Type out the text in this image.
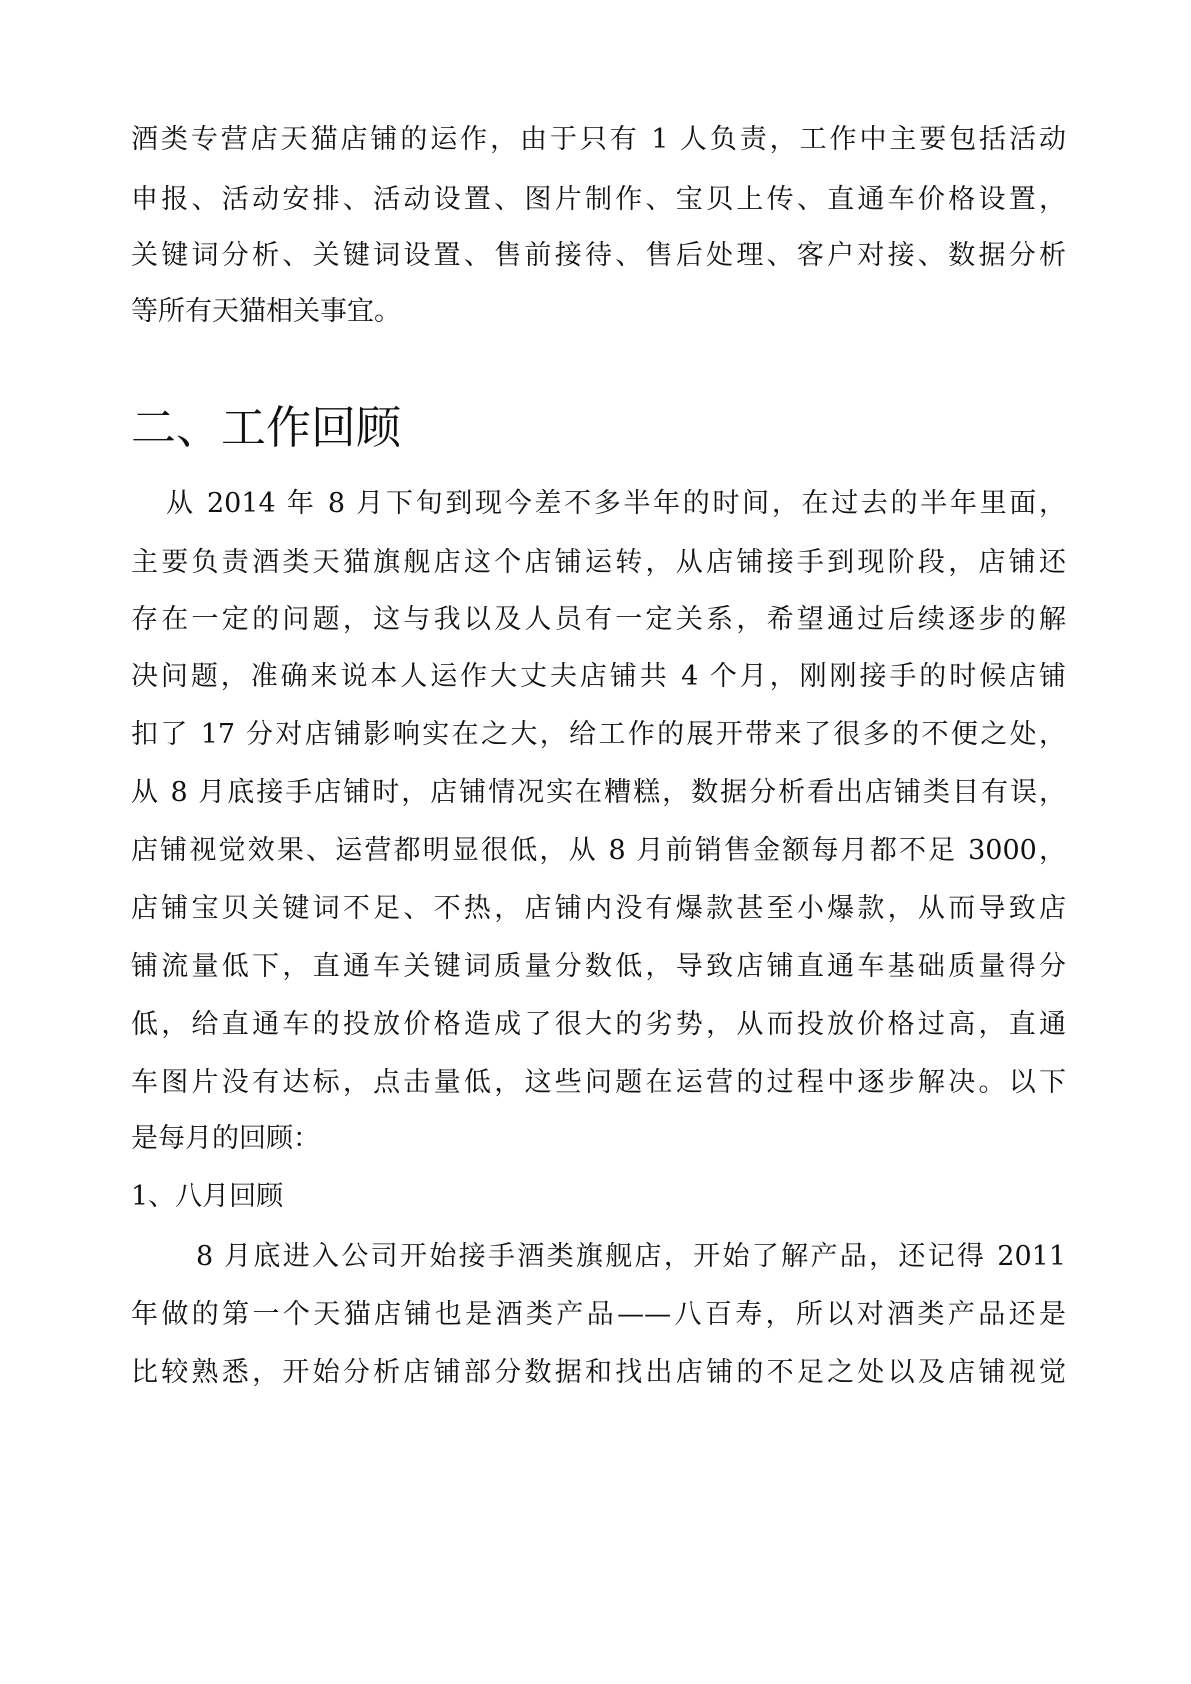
酒类专营店天猫店铺的运作，由于只有 1 人负责，工作中主要包括活动
申报、活动安排、活动设置、图片制作、宝贝上传、直通车价格设置，
关键词分析、关键词设置、售前接待、售后处理、客户对接、数据分析
等所有天猫相关事宜。
二、工作回顾
从 2014 年 8 月下旬到现今差不多半年的时间，在过去的半年里面，
主要负责酒类天猫旗舰店这个店铺运转，从店铺接手到现阶段，店铺还
存在一定的问题，这与我以及人员有一定关系，希望通过后续逐步的解
决问题，准确来说本人运作大丈夫店铺共 4 个月，刚刚接手的时候店铺
扣了 17 分对店铺影响实在之大，给工作的展开带来了很多的不便之处，
从 8 月底接手店铺时，店铺情况实在糟糕，数据分析看出店铺类目有误，
店铺视觉效果、运营都明显很低，从 8 月前销售金额每月都不足 3000，
店铺宝贝关键词不足、不热，店铺内没有爆款甚至小爆款，从而导致店
铺流量低下，直通车关键词质量分数低，导致店铺直通车基础质量得分
低，给直通车的投放价格造成了很大的劣势，从而投放价格过高，直通
车图片没有达标，点击量低，这些问题在运营的过程中逐步解决。以下
是每月的回顾：
1、八月回顾
8 月底进入公司开始接手酒类旗舰店，开始了解产品，还记得 2011
年做的第一个天猫店铺也是酒类产品——八百寿，所以对酒类产品还是
比较熟悉，开始分析店铺部分数据和找出店铺的不足之处以及店铺视觉
